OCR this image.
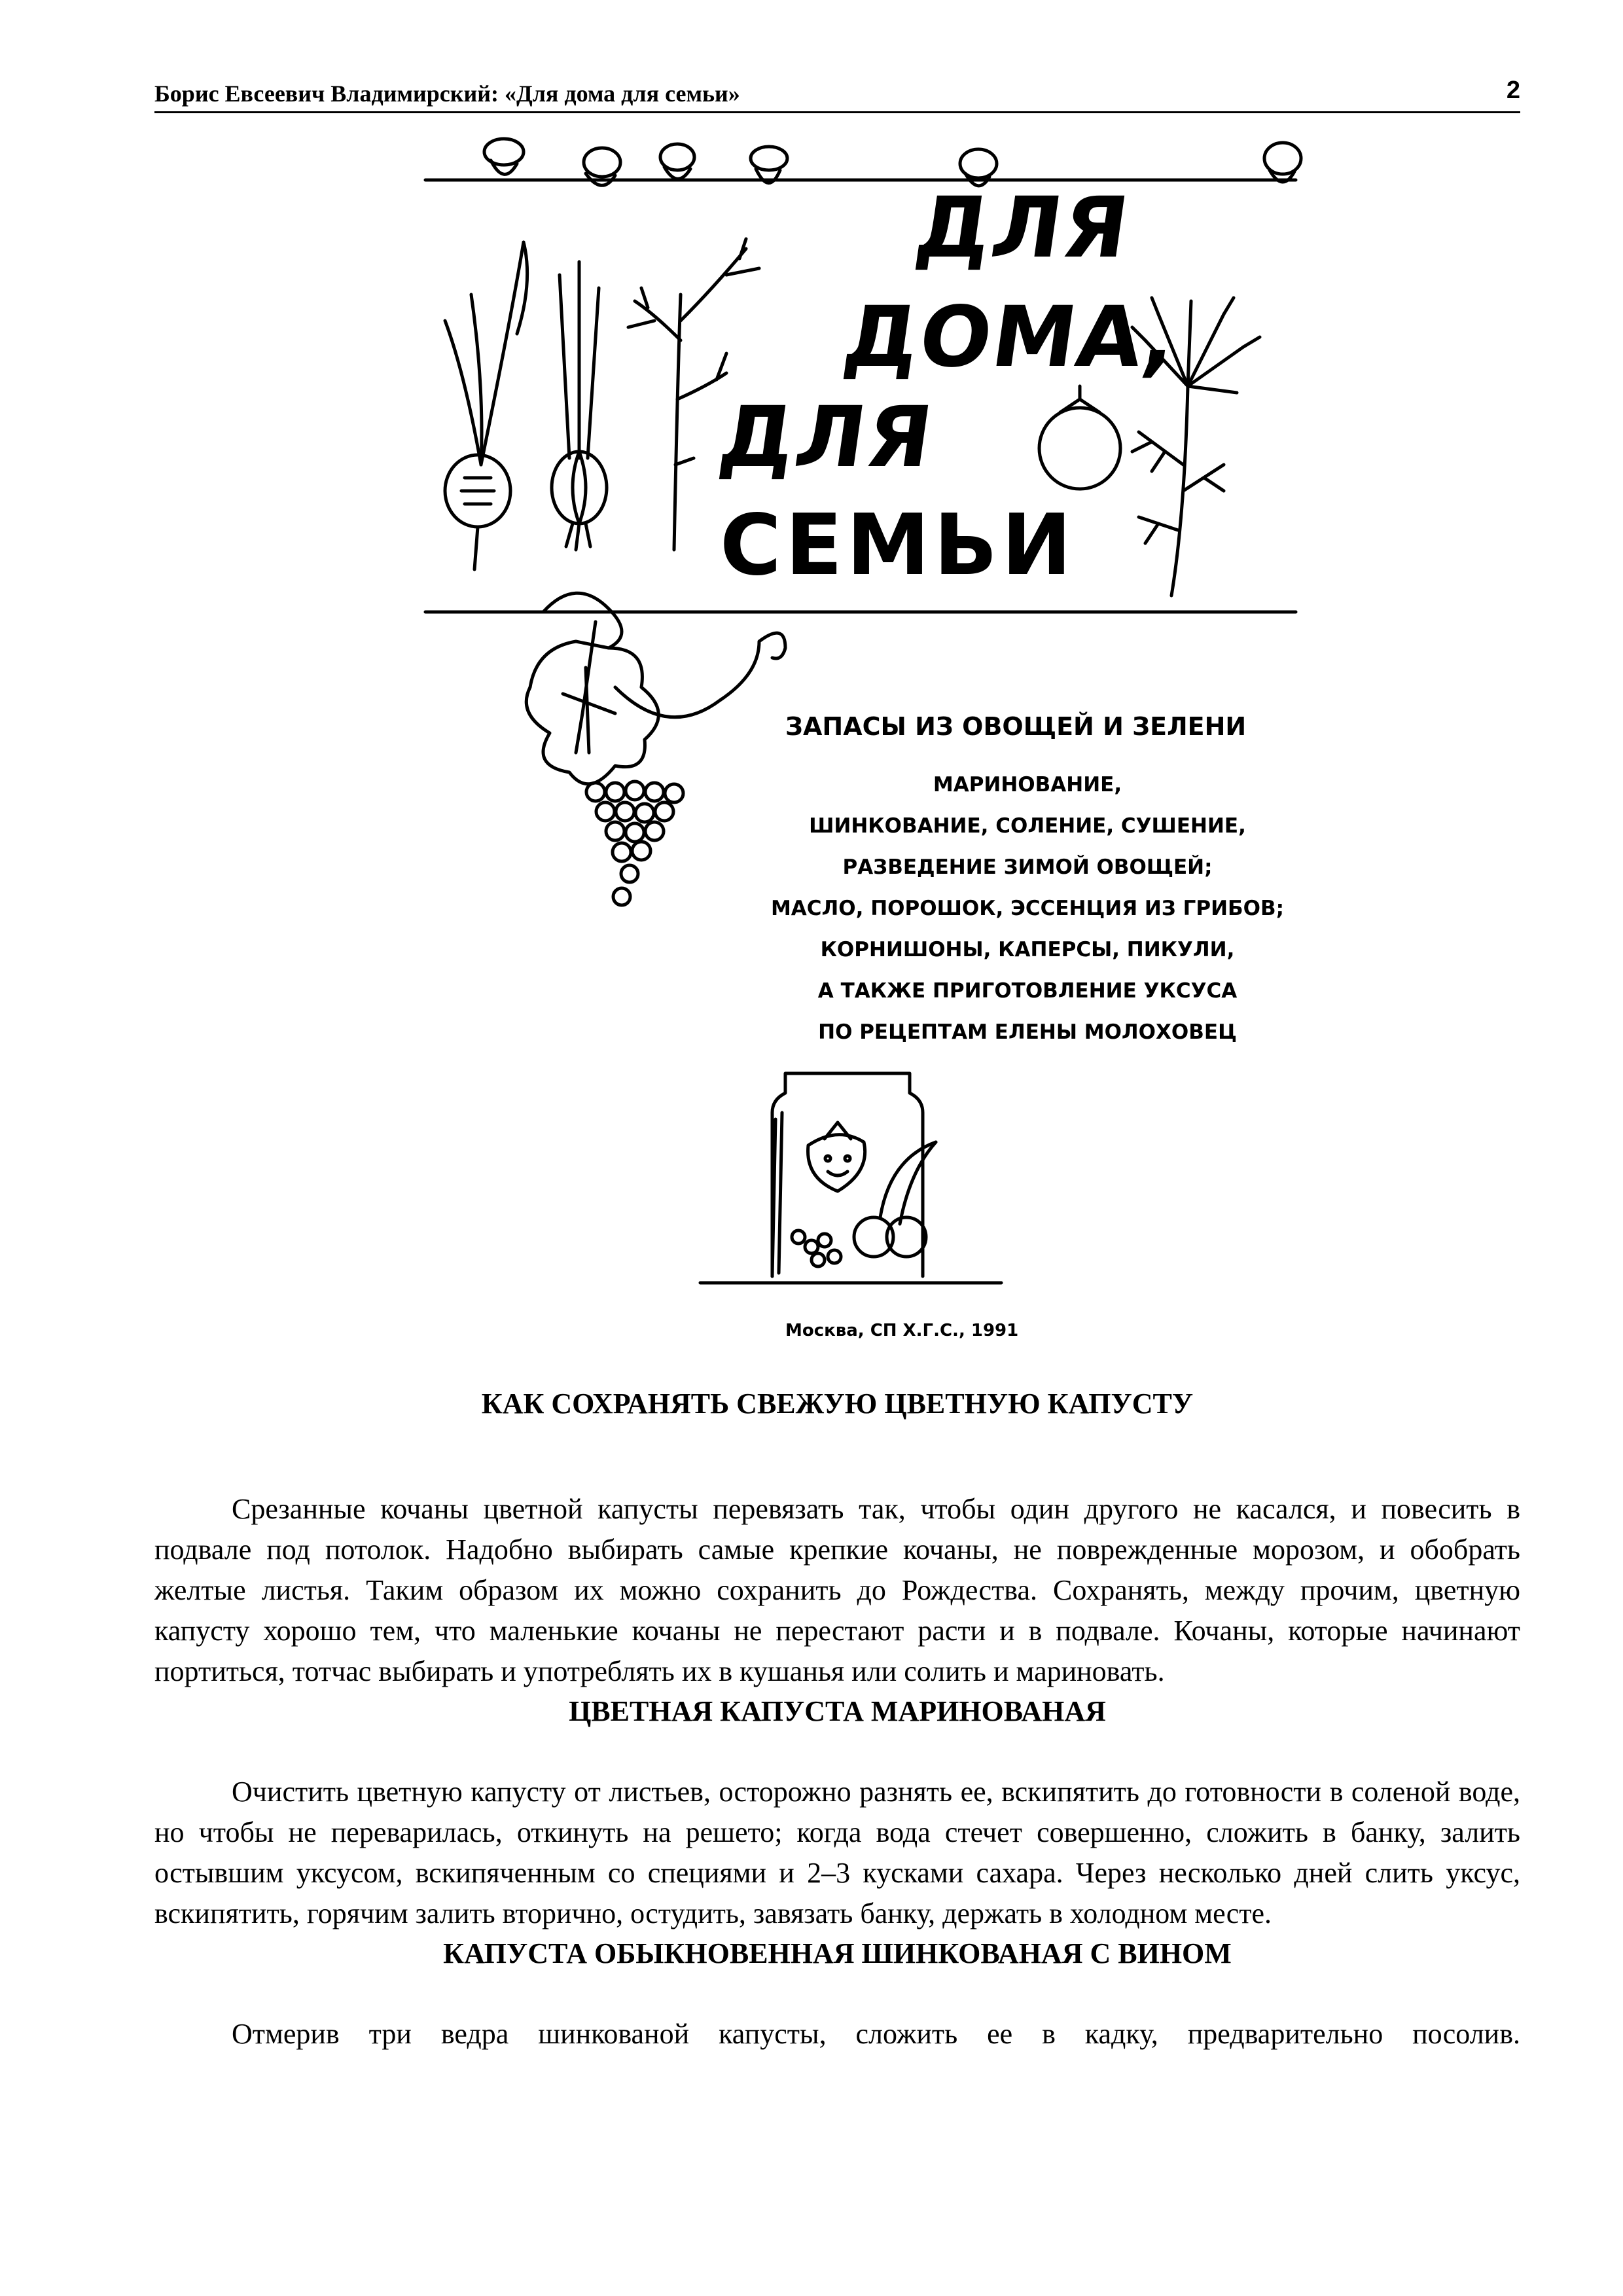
Борис Евсеевич Владимирский: «Для дома для семьи»	2
ДЛЯ
ДОМА,
ДЛЯ
СЕМЬИ
ЗАПАСЫ ИЗ ОВОЩЕЙ И ЗЕЛЕНИ
МАРИНОВАНИЕ,
ШИНКОВАНИЕ, СОЛЕНИЕ, СУШЕНИЕ,
РАЗВЕДЕНИЕ ЗИМОЙ ОВОЩЕЙ;
МАСЛО, ПОРОШОК, ЭССЕНЦИЯ ИЗ ГРИБОВ;
КОРНИШОНЫ, КАПЕРСЫ, ПИКУЛИ,
А ТАКЖЕ ПРИГОТОВЛЕНИЕ УКСУСА
ПО РЕЦЕПТАМ ЕЛЕНЫ МОЛОХОВЕЦ
Москва, СП Х.Г.С., 1991
КАК СОХРАНЯТЬ СВЕЖУЮ ЦВЕТНУЮ КАПУСТУ

Срезанные кочаны цветной капусты перевязать так, чтобы один другого не касался, и повесить в подвале под потолок. Надобно выбирать самые крепкие кочаны, не поврежденные морозом, и обобрать желтые листья. Таким образом их можно сохранить до Рождества. Сохранять, между прочим, цветную капусту хорошо тем, что маленькие кочаны не перестают расти и в подвале. Кочаны, которые начинают портиться, тотчас выбирать и употреблять их в кушанья или солить и мариновать.

ЦВЕТНАЯ КАПУСТА МАРИНОВАНАЯ

Очистить цветную капусту от листьев, осторожно разнять ее, вскипятить до готовности в соленой воде, но чтобы не переварилась, откинуть на решето; когда вода стечет совершенно, сложить в банку, залить остывшим уксусом, вскипяченным со специями и 2–3 кусками сахара. Через несколько дней слить уксус, вскипятить, горячим залить вторично, остудить, завязать банку, держать в холодном месте.

КАПУСТА ОБЫКНОВЕННАЯ ШИНКОВАНАЯ С ВИНОМ

Отмерив три ведра шинкованой капусты, сложить ее в кадку, предварительно посолив.
